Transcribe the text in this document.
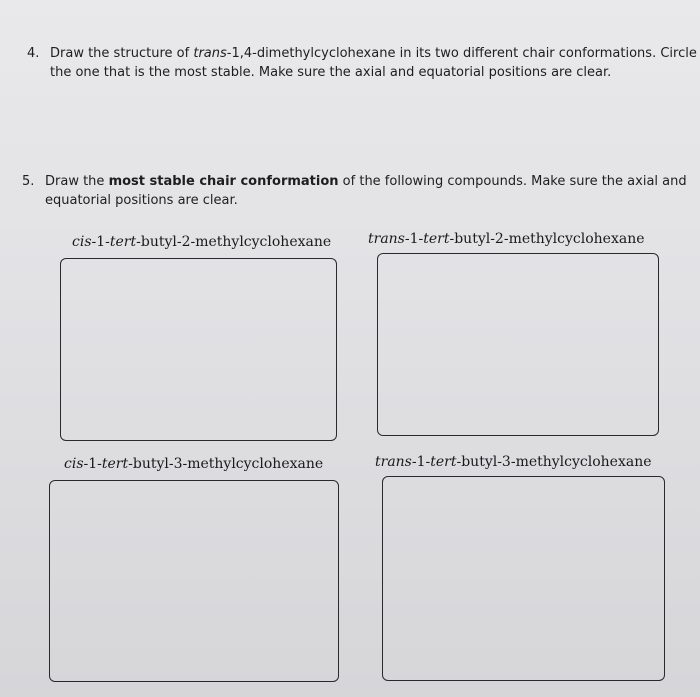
4. Draw the structure of trans-1,4-dimethylcyclohexane in its two different chair conformations. Circle
the one that is the most stable. Make sure the axial and equatorial positions are clear.
5. Draw the most stable chair conformation of the following compounds. Make sure the axial and
equatorial positions are clear.
cis-1-tert-butyl-2-methylcyclohexane	trans-1-tert-butyl-2-methylcyclohexane
cis-1-tert-butyl-3-methylcyclohexane	trans-1-tert-butyl-3-methylcyclohexane
